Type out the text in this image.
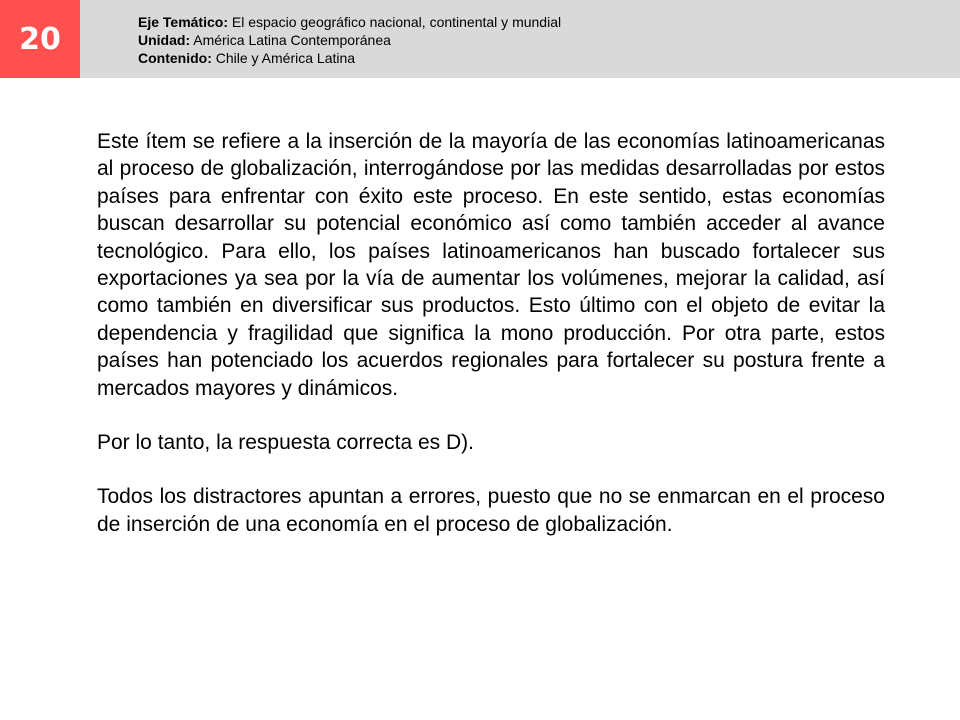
20	Eje Temático: El espacio geográfico nacional, continental y mundial
Unidad: América Latina Contemporánea
Contenido: Chile y América Latina

Este ítem se refiere a la inserción de la mayoría de las economías latinoamericanas al proceso de globalización, interrogándose por las medidas desarrolladas por estos países para enfrentar con éxito este proceso. En este sentido, estas economías buscan desarrollar su potencial económico así como también acceder al avance tecnológico. Para ello, los países latinoamericanos han buscado fortalecer sus exportaciones ya sea por la vía de aumentar los volúmenes, mejorar la calidad, así como también en diversificar sus productos. Esto último con el objeto de evitar la dependencia y fragilidad que significa la mono producción. Por otra parte, estos países han potenciado los acuerdos regionales para fortalecer su postura frente a mercados mayores y dinámicos.

Por lo tanto, la respuesta correcta es D).

Todos los distractores apuntan a errores, puesto que no se enmarcan en el proceso de inserción de una economía en el proceso de globalización.
